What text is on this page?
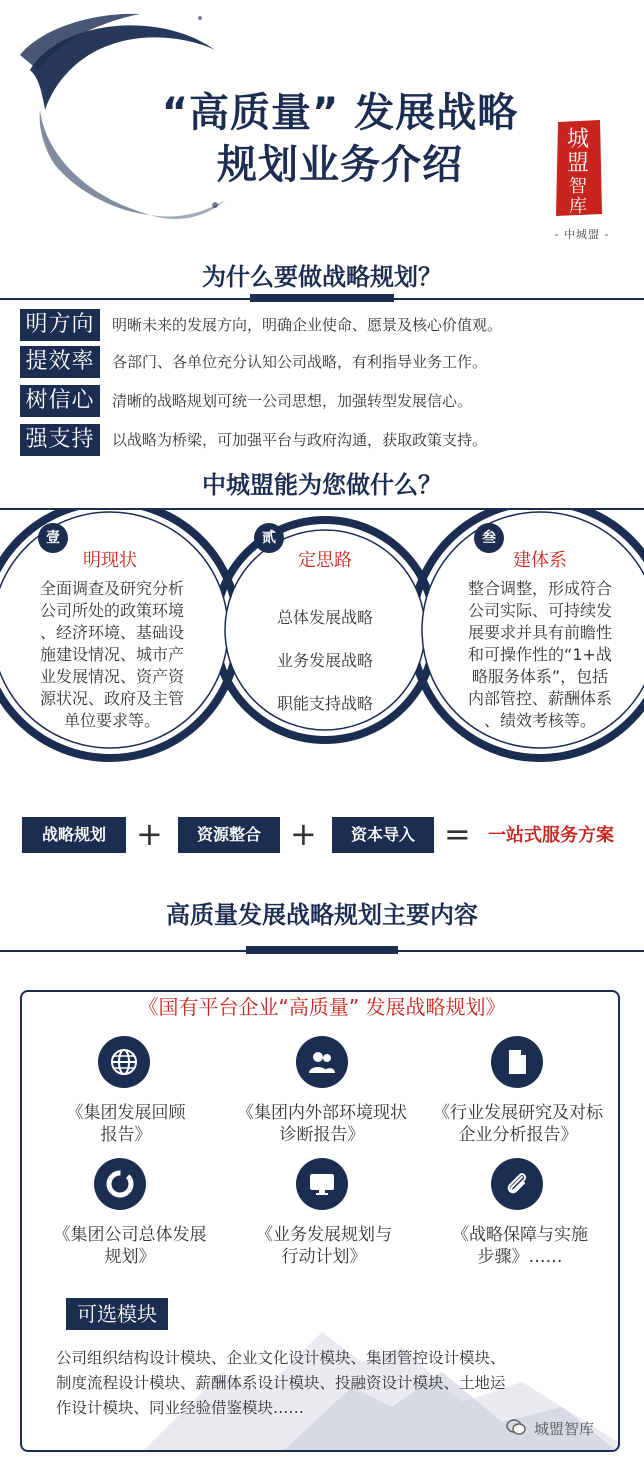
“高质量” 发展战略
规划业务介绍
城
盟
智
库
- 中城盟 -
为什么要做战略规划？
明方向	明晰未来的发展方向，明确企业使命、愿景及核心价值观。
提效率	各部门、各单位充分认知公司战略，有利指导业务工作。
树信心	清晰的战略规划可统一公司思想，加强转型发展信心。
强支持	以战略为桥梁，可加强平台与政府沟通，获取政策支持。
中城盟能为您做什么？
壹	贰	叁
明现状	定思路	建体系
全面调查及研究分析
公司所处的政策环境
、经济环境、基础设
施建设情况、城市产
业发展情况、资产资
源状况、政府及主管
单位要求等。
总体发展战略
业务发展战略
职能支持战略
整合调整，形成符合
公司实际、可持续发
展要求并具有前瞻性
和可操作性的“1+战
略服务体系”，包括
内部管控、薪酬体系
、绩效考核等。
战略规划 +	资源整合 +	资本导入 = 一站式服务方案
高质量发展战略规划主要内容
《国有平台企业“高质量” 发展战略规划》
《集团发展回顾
报告》
《集团内外部环境现状
诊断报告》
《行业发展研究及对标
企业分析报告》
《集团公司总体发展
规划》
《业务发展规划与
行动计划》
《战略保障与实施
步骤》……
可选模块
公司组织结构设计模块、企业文化设计模块、集团管控设计模块、
制度流程设计模块、薪酬体系设计模块、投融资设计模块、土地运
作设计模块、同业经验借鉴模块……
城盟智库
